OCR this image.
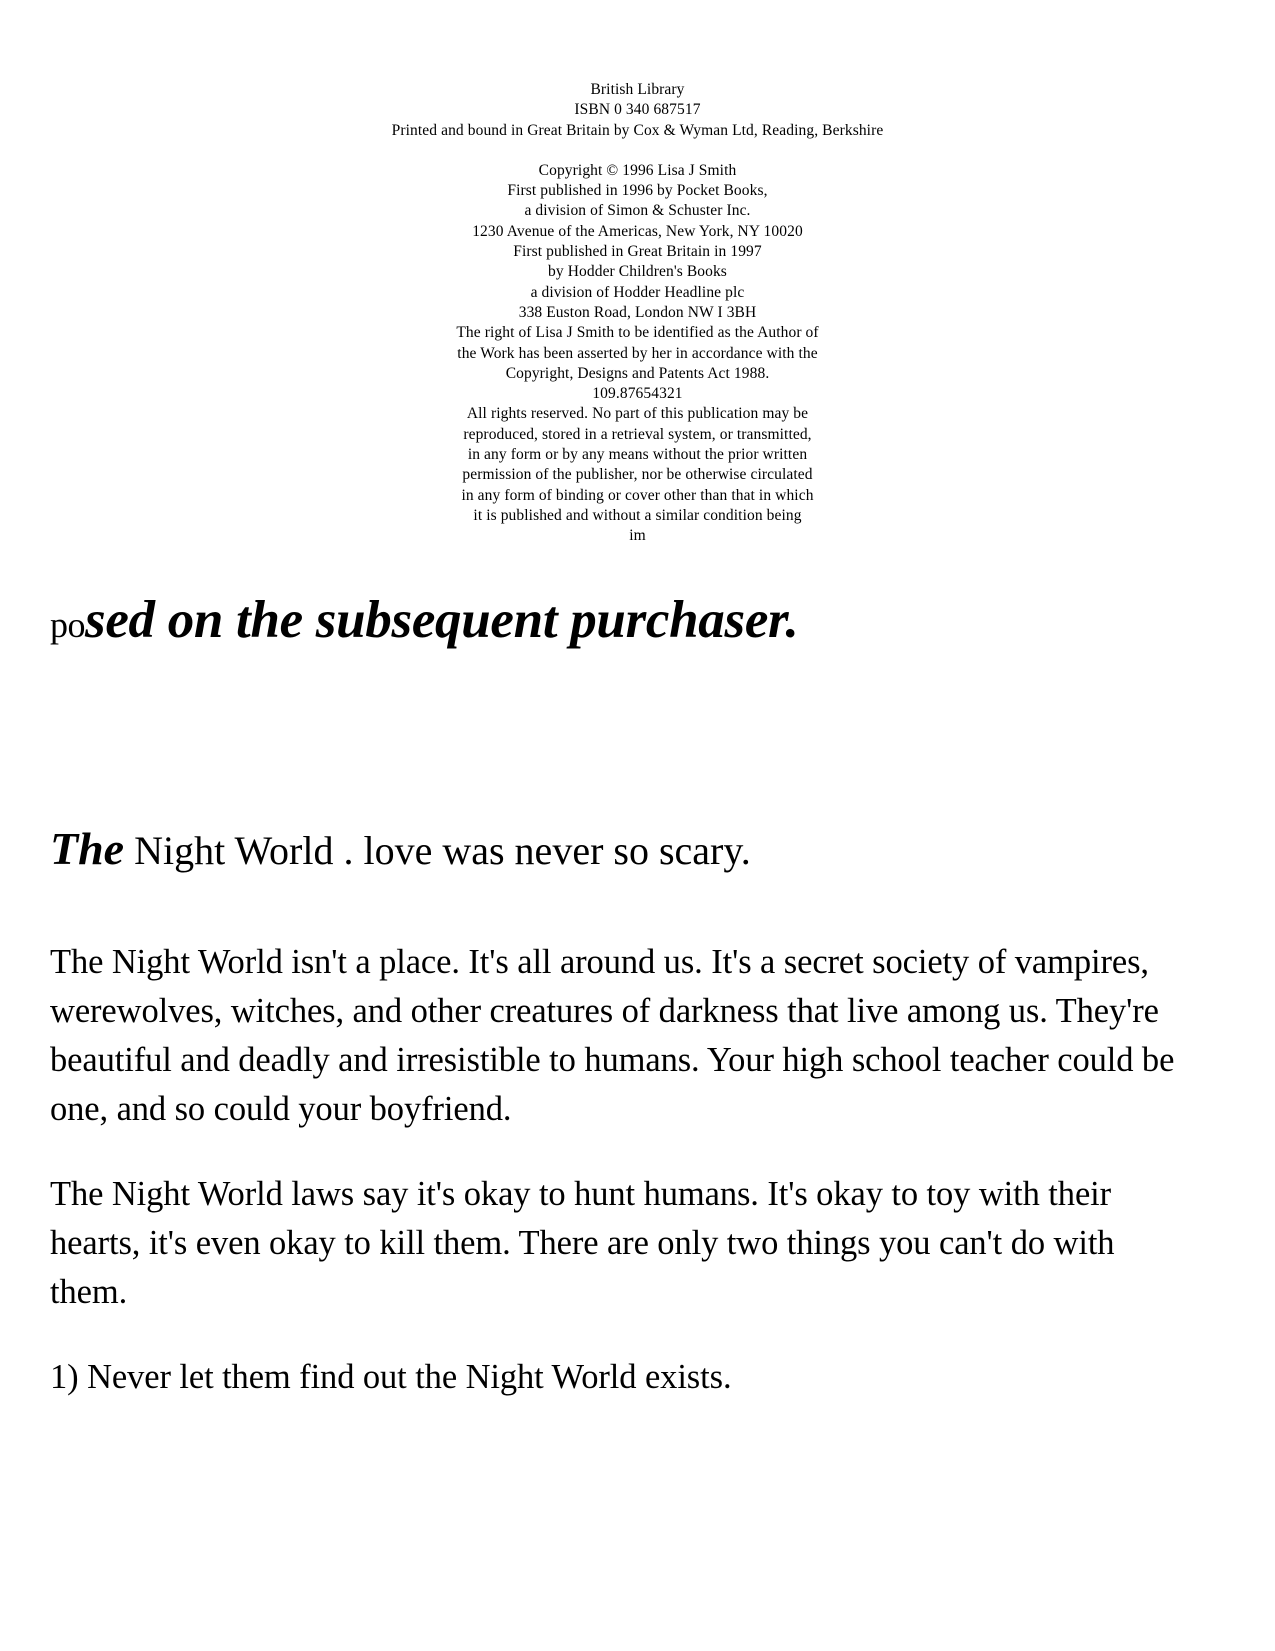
British Library
ISBN 0 340 687517
Printed and bound in Great Britain by Cox & Wyman Ltd, Reading, Berkshire
Copyright © 1996 Lisa J Smith
First published in 1996 by Pocket Books,
a division of Simon & Schuster Inc.
1230 Avenue of the Americas, New York, NY 10020
First published in Great Britain in 1997
by Hodder Children's Books
a division of Hodder Headline plc
338 Euston Road, London NW I 3BH
The right of Lisa J Smith to be identified as the Author of
the Work has been asserted by her in accordance with the
Copyright, Designs and Patents Act 1988.
109.87654321
All rights reserved. No part of this publication may be
reproduced, stored in a retrieval system, or transmitted,
in any form or by any means without the prior written
permission of the publisher, nor be otherwise circulated
in any form of binding or cover other than that in which
it is published and without a similar condition being
im
posed on the subsequent purchaser.
The Night World . love was never so scary.

The Night World isn't a place. It's all around us. It's a secret society of vampires, werewolves, witches, and other creatures of darkness that live among us. They're beautiful and deadly and irresistible to humans. Your high school teacher could be one, and so could your boyfriend.

The Night World laws say it's okay to hunt humans. It's okay to toy with their hearts, it's even okay to kill them. There are only two things you can't do with them.

1) Never let them find out the Night World exists.
